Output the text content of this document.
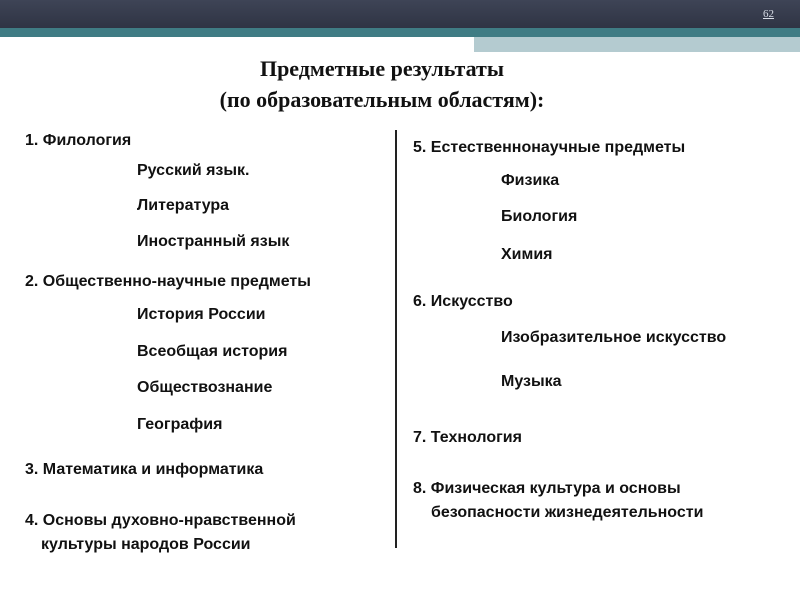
62
Предметные результаты
(по образовательным областям):
1. Филология
Русский язык.
Литература
Иностранный язык
2. Общественно-научные предметы
История России
Всеобщая история
Обществознание
География
3. Математика и информатика
4. Основы духовно-нравственной
культуры народов России
5. Естественнонаучные предметы
Физика
Биология
Химия
6. Искусство
Изобразительное искусство
Музыка
7. Технология
8. Физическая культура и основы
безопасности жизнедеятельности
